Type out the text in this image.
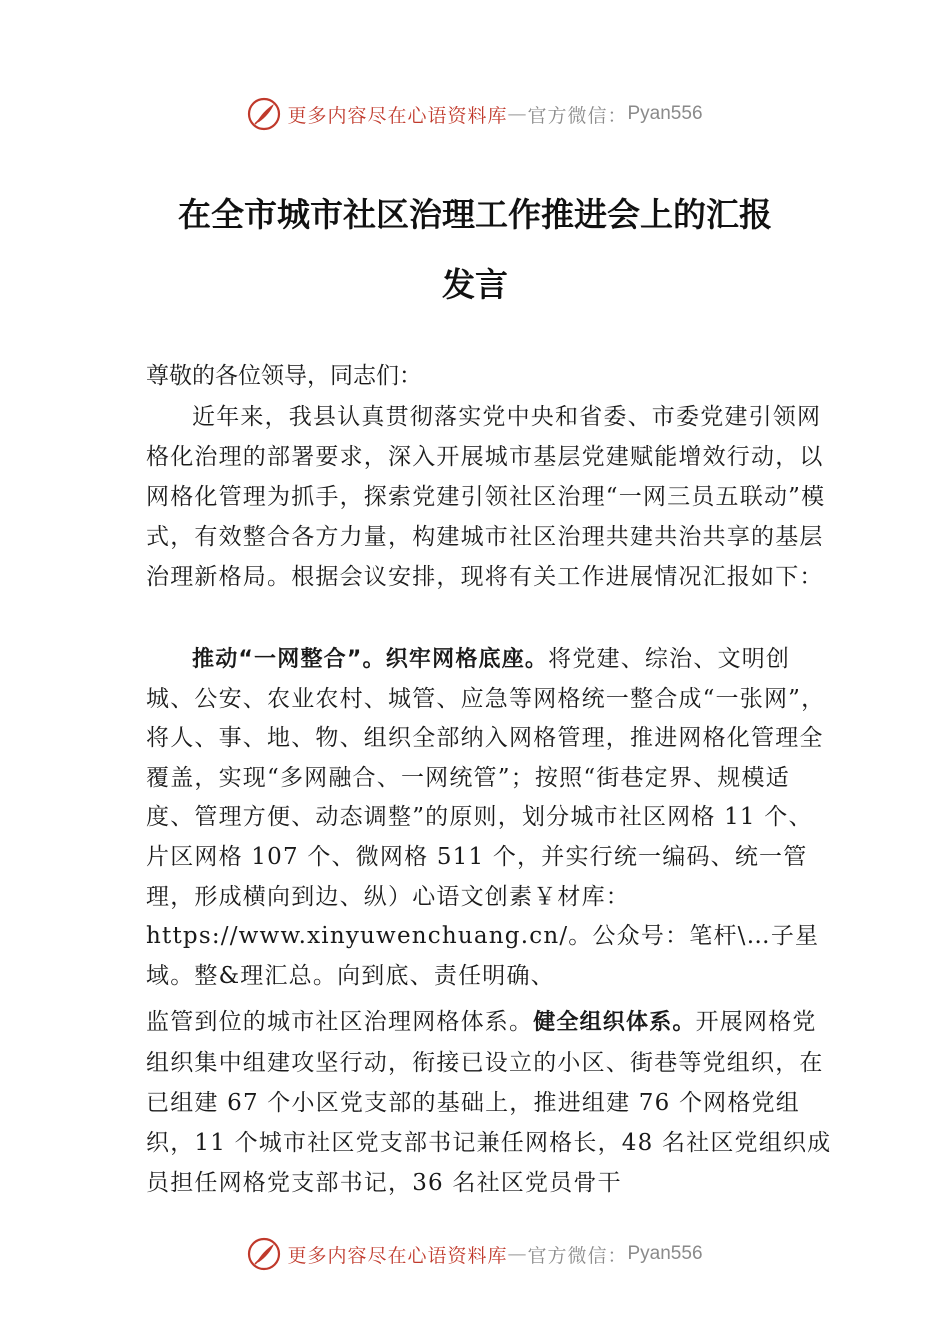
更多内容尽在心语资料库 — 官方微信： Pyan556
在全市城市社区治理工作推进会上的汇报
发言

尊敬的各位领导，同志们：

近年来，我县认真贯彻落实党中央和省委、市委党建引领网格化治理的部署要求，深入开展城市基层党建赋能增效行动，以网格化管理为抓手，探索党建引领社区治理“一网三员五联动”模式，有效整合各方力量，构建城市社区治理共建共治共享的基层治理新格局。根据会议安排，现将有关工作进展情况汇报如下：

推动“一网整合”。织牢网格底座。将党建、综治、文明创城、公安、农业农村、城管、应急等网格统一整合成“一张网”，将人、事、地、物、组织全部纳入网格管理，推进网格化管理全覆盖，实现“多网融合、一网统管”；按照“街巷定界、规模适度、管理方便、动态调整”的原则，划分城市社区网格 11 个、片区网格 107 个、微网格 511 个，并实行统一编码、统一管理，形成横向到边、纵）心语文创素￥材库：https://www.xinyuwenchuang.cn/。公众号：笔杆\…子星域。整&理汇总。向到底、责任明确、

监管到位的城市社区治理网格体系。健全组织体系。开展网格党组织集中组建攻坚行动，衔接已设立的小区、街巷等党组织，在已组建 67 个小区党支部的基础上，推进组建 76 个网格党组织，11 个城市社区党支部书记兼任网格长，48 名社区党组织成员担任网格党支部书记，36 名社区党员骨干

更多内容尽在心语资料库 — 官方微信： Pyan556
